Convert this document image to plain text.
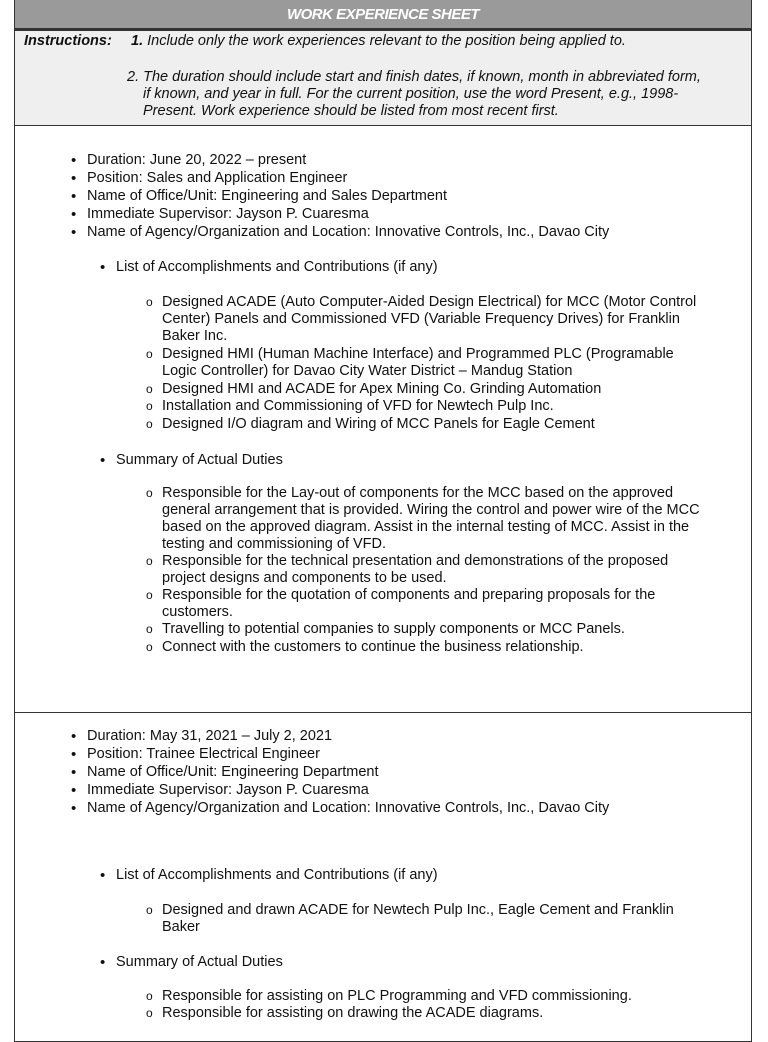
WORK EXPERIENCE SHEET
Instructions: 1. Include only the work experiences relevant to the position being applied to.
2. The duration should include start and finish dates, if known, month in abbreviated form,
if known, and year in full. For the current position, use the word Present, e.g., 1998-
Present. Work experience should be listed from most recent first.
• Duration: June 20, 2022 – present
• Position: Sales and Application Engineer
• Name of Office/Unit: Engineering and Sales Department
• Immediate Supervisor: Jayson P. Cuaresma
• Name of Agency/Organization and Location: Innovative Controls, Inc., Davao City
• List of Accomplishments and Contributions (if any)
o Designed ACADE (Auto Computer-Aided Design Electrical) for MCC (Motor Control
Center) Panels and Commissioned VFD (Variable Frequency Drives) for Franklin
Baker Inc.
o Designed HMI (Human Machine Interface) and Programmed PLC (Programable
Logic Controller) for Davao City Water District – Mandug Station
o Designed HMI and ACADE for Apex Mining Co. Grinding Automation
o Installation and Commissioning of VFD for Newtech Pulp Inc.
o Designed I/O diagram and Wiring of MCC Panels for Eagle Cement
• Summary of Actual Duties
o Responsible for the Lay-out of components for the MCC based on the approved
general arrangement that is provided. Wiring the control and power wire of the MCC
based on the approved diagram. Assist in the internal testing of MCC. Assist in the
testing and commissioning of VFD.
o Responsible for the technical presentation and demonstrations of the proposed
project designs and components to be used.
o Responsible for the quotation of components and preparing proposals for the
customers.
o Travelling to potential companies to supply components or MCC Panels.
o Connect with the customers to continue the business relationship.
• Duration: May 31, 2021 – July 2, 2021
• Position: Trainee Electrical Engineer
• Name of Office/Unit: Engineering Department
• Immediate Supervisor: Jayson P. Cuaresma
• Name of Agency/Organization and Location: Innovative Controls, Inc., Davao City
• List of Accomplishments and Contributions (if any)
o Designed and drawn ACADE for Newtech Pulp Inc., Eagle Cement and Franklin
Baker
• Summary of Actual Duties
o Responsible for assisting on PLC Programming and VFD commissioning.
o Responsible for assisting on drawing the ACADE diagrams.
